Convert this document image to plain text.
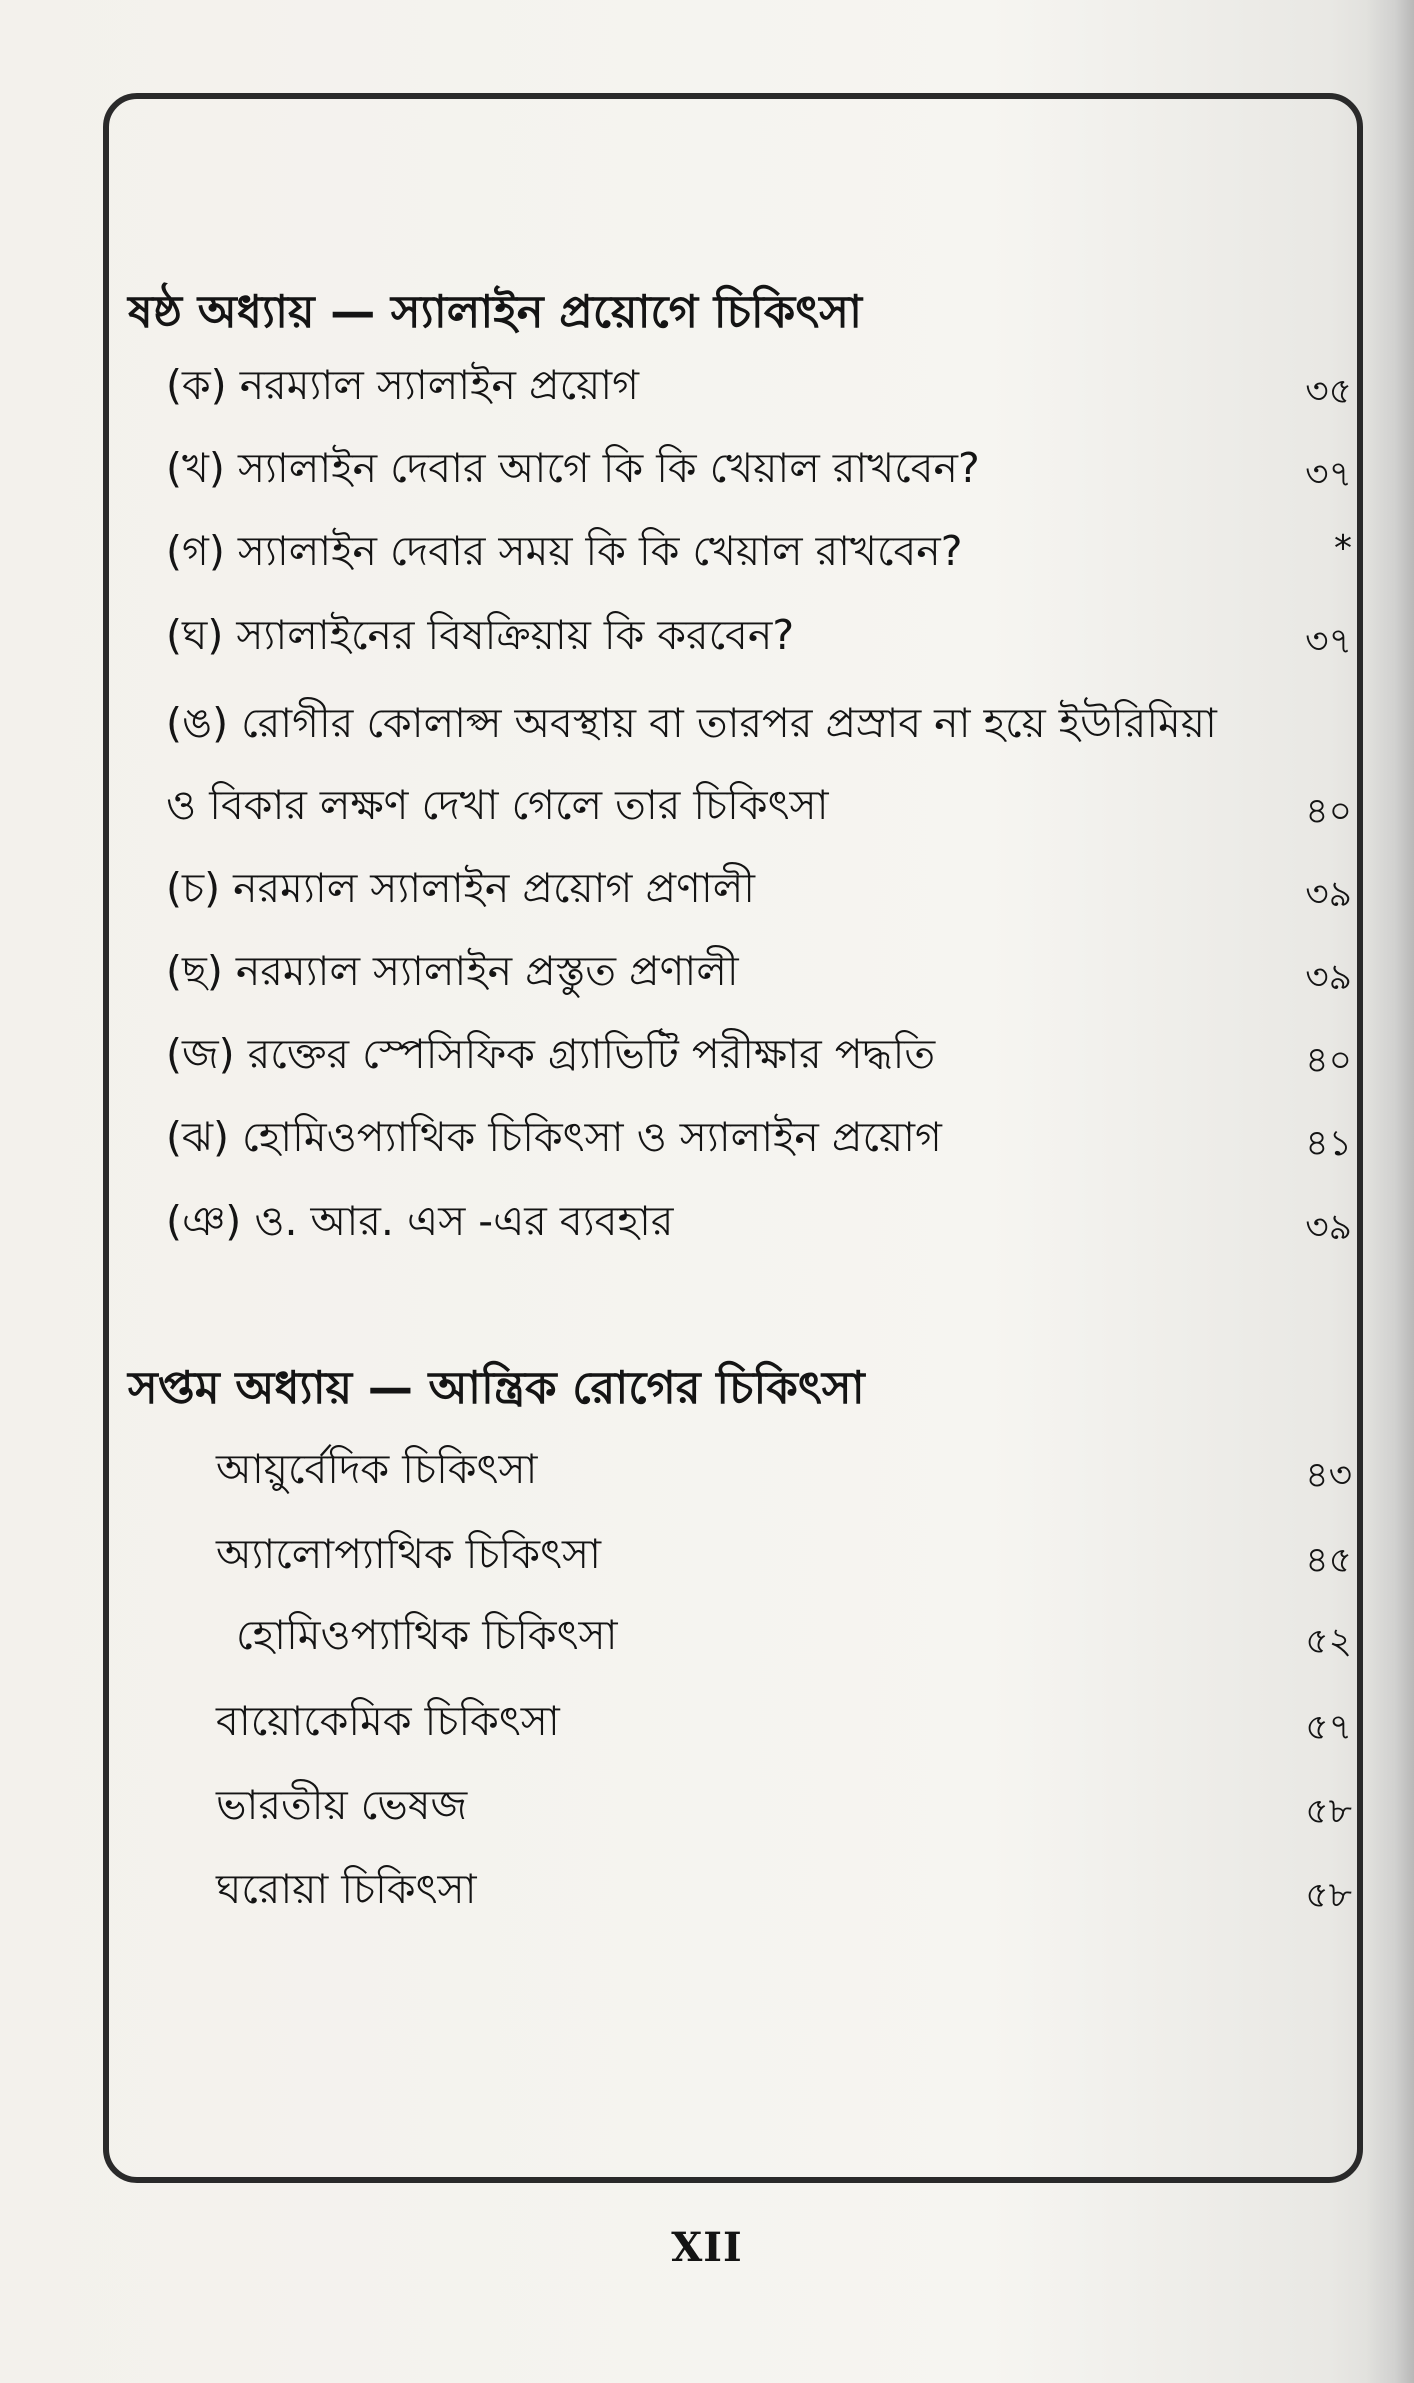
ষষ্ঠ অধ্যায় — স্যালাইন প্রয়োগে চিকিৎসা
(ক) নরম্যাল স্যালাইন প্রয়োগ	৩৫
(খ) স্যালাইন দেবার আগে কি কি খেয়াল রাখবেন?	৩৭
(গ) স্যালাইন দেবার সময় কি কি খেয়াল রাখবেন?	*
(ঘ) স্যালাইনের বিষক্রিয়ায় কি করবেন?	৩৭
(ঙ) রোগীর কোলাপ্স অবস্থায় বা তারপর প্রস্রাব না হয়ে ইউরিমিয়া
ও বিকার লক্ষণ দেখা গেলে তার চিকিৎসা	৪০
(চ) নরম্যাল স্যালাইন প্রয়োগ প্রণালী	৩৯
(ছ) নরম্যাল স্যালাইন প্রস্তুত প্রণালী	৩৯
(জ) রক্তের স্পেসিফিক গ্র্যাভিটি পরীক্ষার পদ্ধতি	৪০
(ঝ) হোমিওপ্যাথিক চিকিৎসা ও স্যালাইন প্রয়োগ	৪১
(ঞ) ও. আর. এস -এর ব্যবহার	৩৯
সপ্তম অধ্যায় — আন্ত্রিক রোগের চিকিৎসা
আয়ুর্বেদিক চিকিৎসা	৪৩
অ্যালোপ্যাথিক চিকিৎসা	৪৫
হোমিওপ্যাথিক চিকিৎসা	৫২
বায়োকেমিক চিকিৎসা	৫৭
ভারতীয় ভেষজ	৫৮
ঘরোয়া চিকিৎসা	৫৮
XII
